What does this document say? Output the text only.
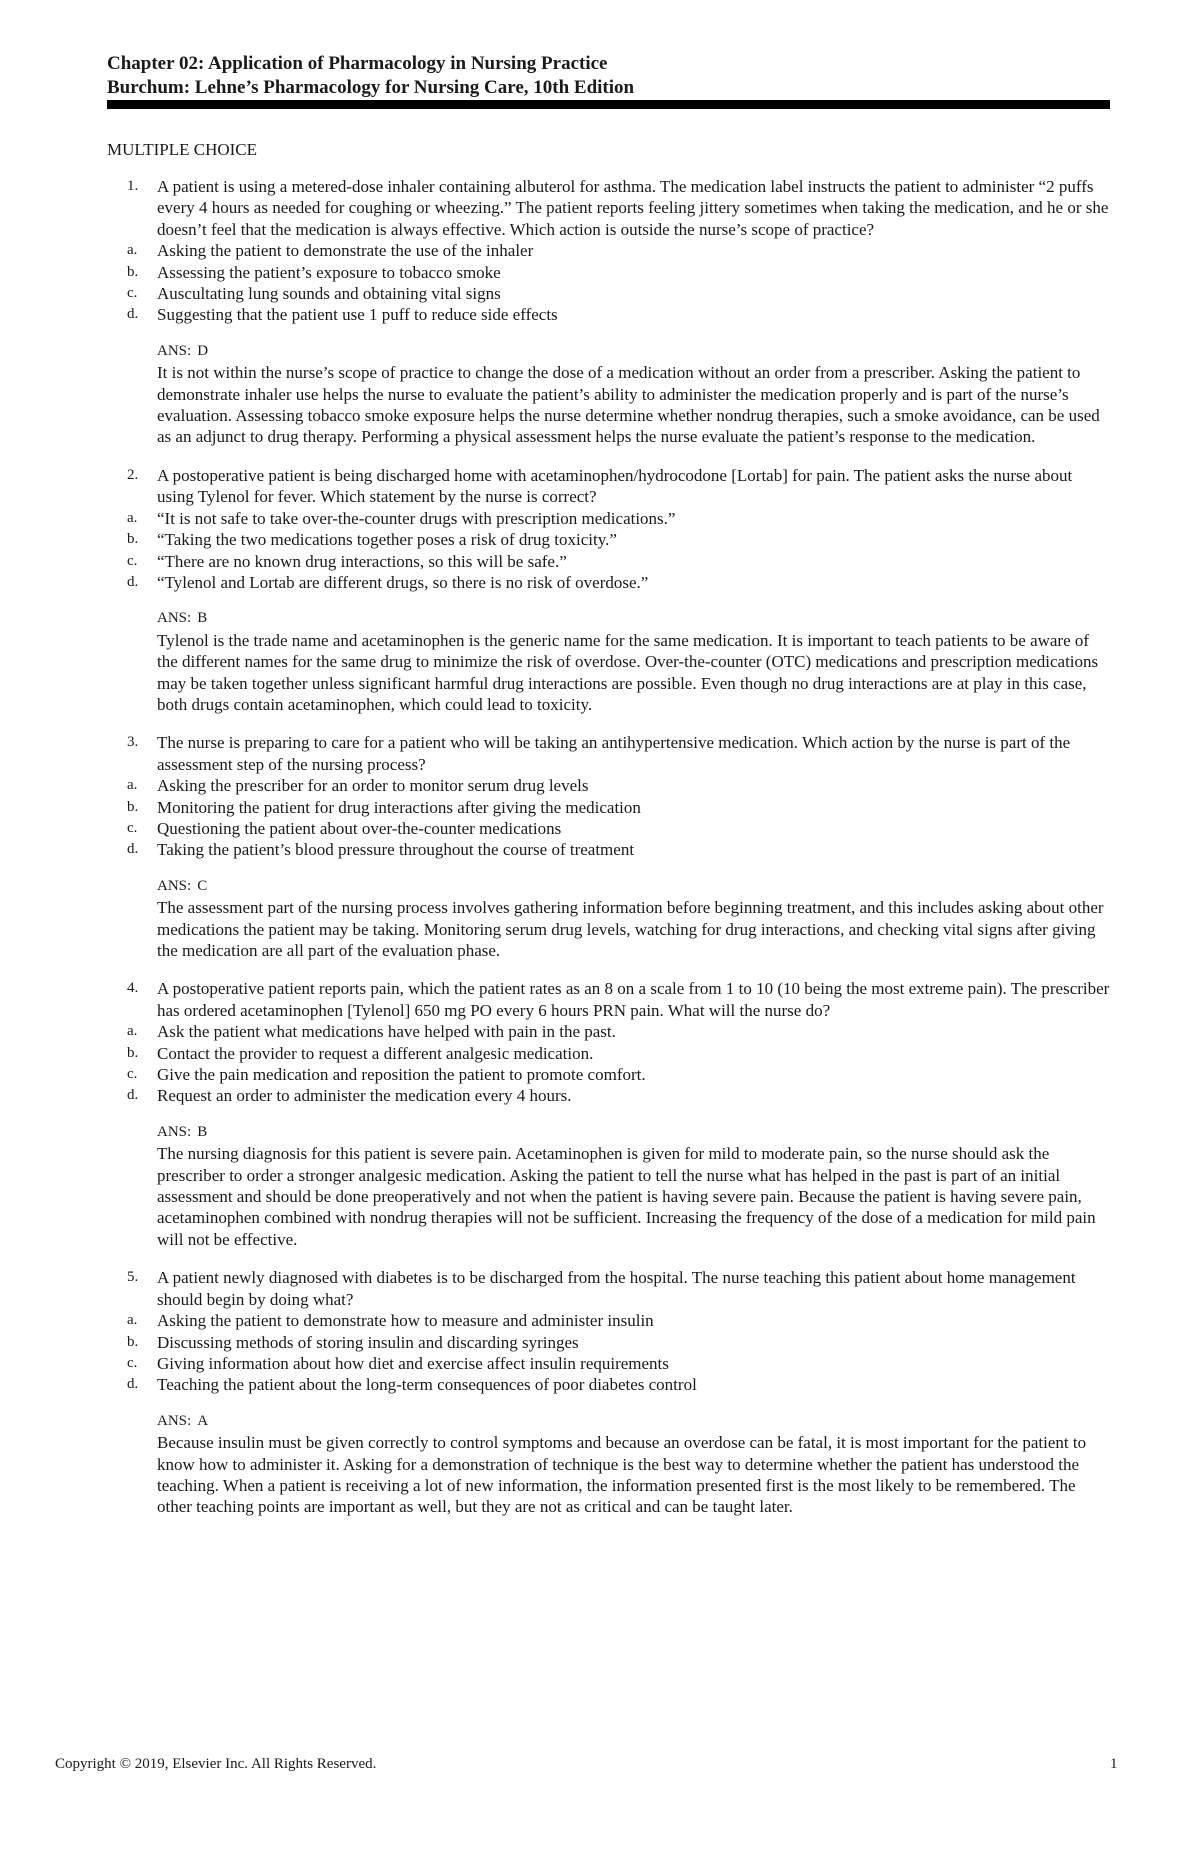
Chapter 02: Application of Pharmacology in Nursing Practice
Burchum: Lehne’s Pharmacology for Nursing Care, 10th Edition
MULTIPLE CHOICE
1. A patient is using a metered-dose inhaler containing albuterol for asthma. The medication label instructs the patient to administer “2 puffs every 4 hours as needed for coughing or wheezing.” The patient reports feeling jittery sometimes when taking the medication, and he or she doesn’t feel that the medication is always effective. Which action is outside the nurse’s scope of practice?
a.	Asking the patient to demonstrate the use of the inhaler
b.	Assessing the patient’s exposure to tobacco smoke
c.	Auscultating lung sounds and obtaining vital signs
d.	Suggesting that the patient use 1 puff to reduce side effects
ANS: D
It is not within the nurse’s scope of practice to change the dose of a medication without an order from a prescriber. Asking the patient to demonstrate inhaler use helps the nurse to evaluate the patient’s ability to administer the medication properly and is part of the nurse’s evaluation. Assessing tobacco smoke exposure helps the nurse determine whether nondrug therapies, such a smoke avoidance, can be used as an adjunct to drug therapy. Performing a physical assessment helps the nurse evaluate the patient’s response to the medication.
2. A postoperative patient is being discharged home with acetaminophen/hydrocodone [Lortab] for pain. The patient asks the nurse about using Tylenol for fever. Which statement by the nurse is correct?
a.	“It is not safe to take over-the-counter drugs with prescription medications.”
b.	“Taking the two medications together poses a risk of drug toxicity.”
c.	“There are no known drug interactions, so this will be safe.”
d.	“Tylenol and Lortab are different drugs, so there is no risk of overdose.”
ANS: B
Tylenol is the trade name and acetaminophen is the generic name for the same medication. It is important to teach patients to be aware of the different names for the same drug to minimize the risk of overdose. Over-the-counter (OTC) medications and prescription medications may be taken together unless significant harmful drug interactions are possible. Even though no drug interactions are at play in this case, both drugs contain acetaminophen, which could lead to toxicity.
3. The nurse is preparing to care for a patient who will be taking an antihypertensive medication. Which action by the nurse is part of the assessment step of the nursing process?
a.	Asking the prescriber for an order to monitor serum drug levels
b.	Monitoring the patient for drug interactions after giving the medication
c.	Questioning the patient about over-the-counter medications
d.	Taking the patient’s blood pressure throughout the course of treatment
ANS: C
The assessment part of the nursing process involves gathering information before beginning treatment, and this includes asking about other medications the patient may be taking. Monitoring serum drug levels, watching for drug interactions, and checking vital signs after giving the medication are all part of the evaluation phase.
4. A postoperative patient reports pain, which the patient rates as an 8 on a scale from 1 to 10 (10 being the most extreme pain). The prescriber has ordered acetaminophen [Tylenol] 650 mg PO every 6 hours PRN pain. What will the nurse do?
a.	Ask the patient what medications have helped with pain in the past.
b.	Contact the provider to request a different analgesic medication.
c.	Give the pain medication and reposition the patient to promote comfort.
d.	Request an order to administer the medication every 4 hours.
ANS: B
The nursing diagnosis for this patient is severe pain. Acetaminophen is given for mild to moderate pain, so the nurse should ask the prescriber to order a stronger analgesic medication. Asking the patient to tell the nurse what has helped in the past is part of an initial assessment and should be done preoperatively and not when the patient is having severe pain. Because the patient is having severe pain, acetaminophen combined with nondrug therapies will not be sufficient. Increasing the frequency of the dose of a medication for mild pain will not be effective.
5. A patient newly diagnosed with diabetes is to be discharged from the hospital. The nurse teaching this patient about home management should begin by doing what?
a.	Asking the patient to demonstrate how to measure and administer insulin
b.	Discussing methods of storing insulin and discarding syringes
c.	Giving information about how diet and exercise affect insulin requirements
d.	Teaching the patient about the long-term consequences of poor diabetes control
ANS: A
Because insulin must be given correctly to control symptoms and because an overdose can be fatal, it is most important for the patient to know how to administer it. Asking for a demonstration of technique is the best way to determine whether the patient has understood the teaching. When a patient is receiving a lot of new information, the information presented first is the most likely to be remembered. The other teaching points are important as well, but they are not as critical and can be taught later.
Copyright © 2019, Elsevier Inc. All Rights Reserved.	1
